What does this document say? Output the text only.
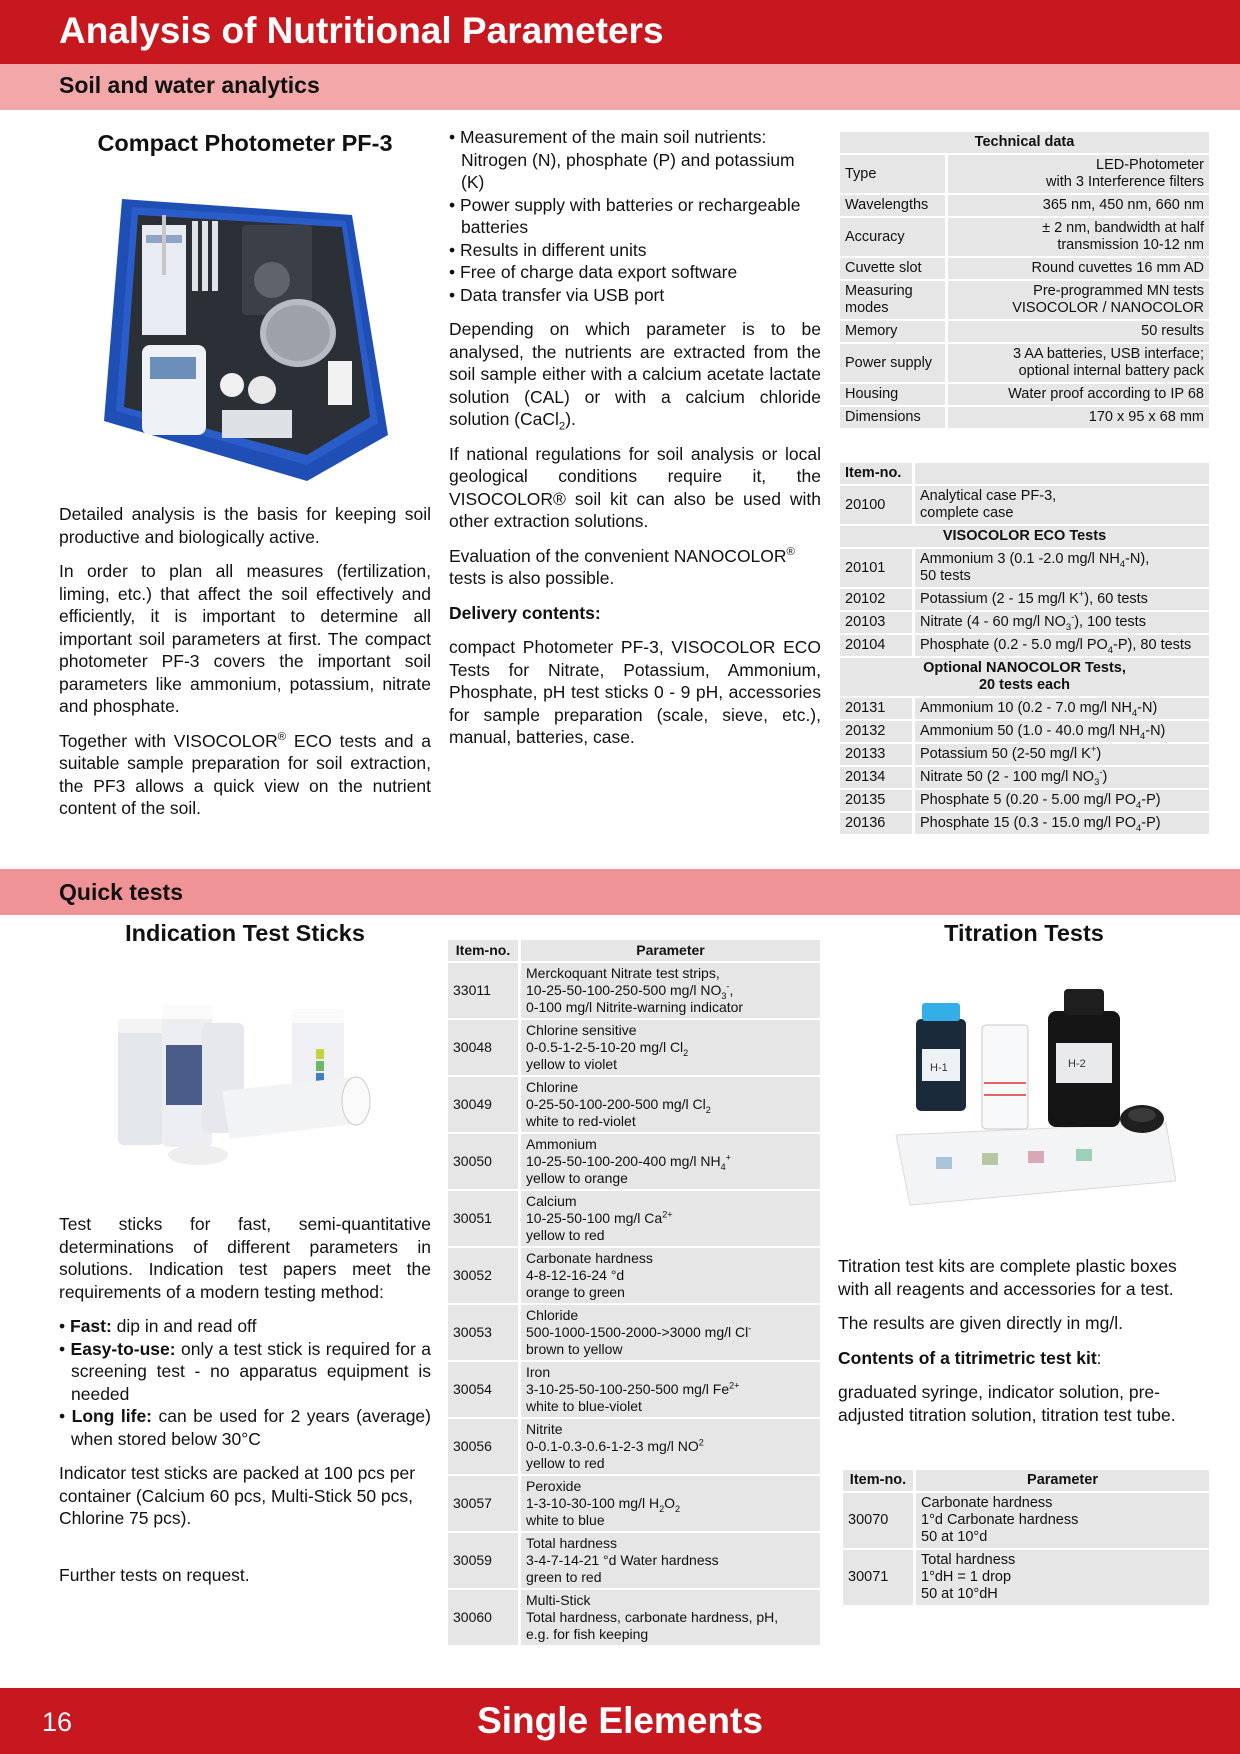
Analysis of Nutritional Parameters
Soil and water analytics
Compact Photometer PF-3

Detailed analysis is the basis for keeping soil productive and biologically active.

In order to plan all measures (fertilization, liming, etc.) that affect the soil effectively and efficiently, it is important to determine all important soil parameters at first. The compact photometer PF-3 covers the important soil parameters like ammonium, potassium, nitrate and phosphate.

Together with VISOCOLOR® ECO tests and a suitable sample preparation for soil extraction, the PF3 allows a quick view on the nutrient content of the soil.

• Measurement of the main soil nutrients: Nitrogen (N), phosphate (P) and potassium (K)
• Power supply with batteries or rechargeable batteries
• Results in different units
• Free of charge data export software
• Data transfer via USB port

Depending on which parameter is to be analysed, the nutrients are extracted from the soil sample either with a calcium acetate lactate solution (CAL) or with a calcium chloride solution (CaCl$_2$).

If national regulations for soil analysis or local geological conditions require it, the VISOCOLOR® soil kit can also be used with other extraction solutions.

Evaluation of the convenient NANOCOLOR® tests is also possible.

Delivery contents:

compact Photometer PF-3, VISOCOLOR ECO Tests for Nitrate, Potassium, Ammonium, Phosphate, pH test sticks 0 - 9 pH, accessories for sample preparation (scale, sieve, etc.), manual, batteries, case.

Technical data	
Type	LED-Photometer
with 3 Interference filters
Wavelengths	365 nm, 450 nm, 660 nm
Accuracy	± 2 nm, bandwidth at half
transmission 10-12 nm
Cuvette slot	Round cuvettes 16 mm AD
Measuring
modes	Pre-programmed MN tests
VISOCOLOR / NANOCOLOR
Memory	50 results
Power supply	3 AA batteries, USB interface;
optional internal battery pack
Housing	Water proof according to IP 68
Dimensions	170 x 95 x 68 mm
Item-no.	
20100	Analytical case PF-3,
complete case
VISOCOLOR ECO Tests	
20101	Ammonium 3 (0.1 -2.0 mg/l $NH_4-N$),
50 tests
20102	Potassium (2 - 15 mg/l K+), 60 tests
20103	Nitrate (4 - 60 mg/l $NO_3^-$), 100 tests
20104	Phosphate (0.2 - 5.0 mg/l $PO_4-P$), 80 tests
Optional NANOCOLOR Tests,
20 tests each	
20131	Ammonium 10 (0.2 - 7.0 mg/l $NH_4-N$)
20132	Ammonium 50 (1.0 - 40.0 mg/l $NH_4-N$)
20133	Potassium 50 (2-50 mg/l K+)
20134	Nitrate 50 (2 - 100 mg/l $NO_3^-$)
20135	Phosphate 5 (0.20 - 5.00 mg/l $PO_4-P$)
20136	Phosphate 15 (0.3 - 15.0 mg/l $PO_4-P$)
Quick tests
Indication Test Sticks

Test sticks for fast, semi-quantitative determinations of different parameters in solutions. Indication test papers meet the requirements of a modern testing method:

• Fast: dip in and read off
• Easy-to-use: only a test stick is required for a screening test - no apparatus equipment is needed
• Long life: can be used for 2 years (average) when stored below 30°C

Indicator test sticks are packed at 100 pcs per container (Calcium 60 pcs, Multi-Stick 50 pcs, Chlorine 75 pcs).

Further tests on request.

Item-no.	Parameter
33011	Merckoquant Nitrate test strips,
10-25-50-100-250-500 mg/l $NO_3^-$,
0-100 mg/l Nitrite-warning indicator
30048	Chlorine sensitive
0-0.5-1-2-5-10-20 mg/l $Cl_2$
yellow to violet
30049	Chlorine
0-25-50-100-200-500 mg/l $Cl_2$
white to red-violet
30050	Ammonium
10-25-50-100-200-400 mg/l $NH_4^+$
yellow to orange
30051	Calcium
10-25-50-100 mg/l $Ca^{2+}$
yellow to red
30052	Carbonate hardness
4-8-12-16-24 °d
orange to green
30053	Chloride
500-1000-1500-2000->3000 mg/l Cl-
brown to yellow
30054	Iron
3-10-25-50-100-250-500 mg/l $Fe^{2+}$
white to blue-violet
30056	Nitrite
0-0.1-0.3-0.6-1-2-3 mg/l $NO^2$
yellow to red
30057	Peroxide
1-3-10-30-100 mg/l $H_2O_2$
white to blue
30059	Total hardness
3-4-7-14-21 °d Water hardness
green to red
30060	Multi-Stick
Total hardness, carbonate hardness, pH,
e.g. for fish keeping
Titration Tests
H-1	H-2

Titration test kits are complete plastic boxes with all reagents and accessories for a test.

The results are given directly in mg/l.

Contents of a titrimetric test kit:

graduated syringe, indicator solution, pre-adjusted titration solution, titration test tube.

Item-no.	Parameter
30070	Carbonate hardness
1°d Carbonate hardness
50 at 10°d
30071	Total hardness
1°dH = 1 drop
50 at 10°dH
16	Single Elements
